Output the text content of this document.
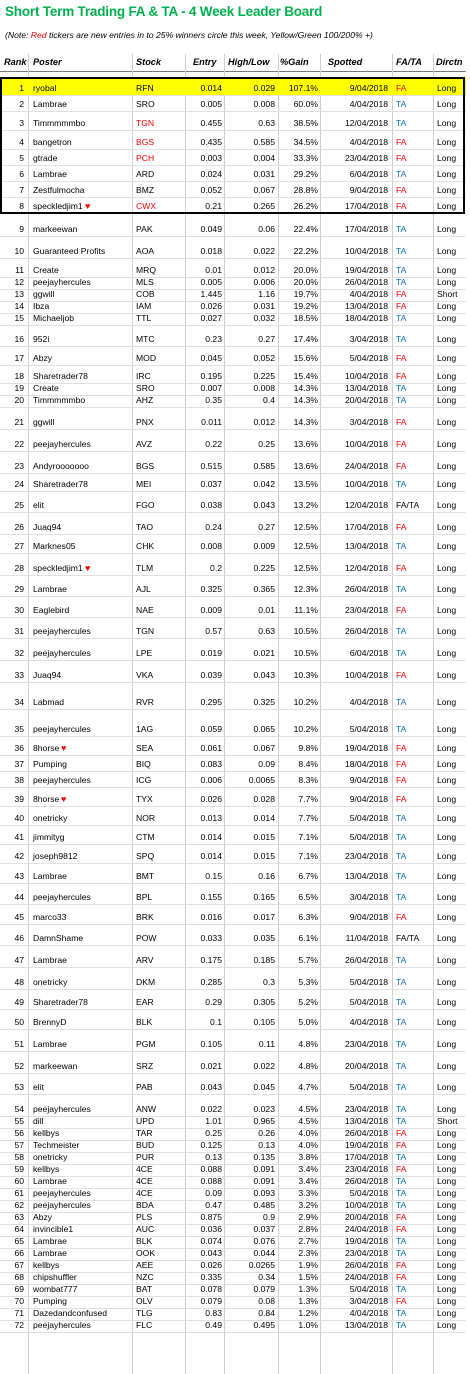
Short Term Trading FA & TA - 4 Week Leader Board
(Note: Red tickers are new entries in to 25% winners circle this week, Yellow/Green 100/200% +)
Rank Poster	Stock	Entry High/Low %Gain Spotted	FA/TA Dirctn
1 ryobal	RFN	0.014	0.029	107.1%	9/04/2018 FA	Long
2 Lambrae	SRO	0.005	0.008	60.0%	4/04/2018 TA	Long
3 Timmmmmbo	TGN	0.455	0.63	38.5%	12/04/2018 TA	Long
4 bangetron	BGS	0.435	0.585	34.5%	4/04/2018 FA	Long
5 gtrade	PCH	0.003	0.004	33.3%	23/04/2018 FA	Long
6 Lambrae	ARD	0.024	0.031	29.2%	6/04/2018 TA	Long
7 Zestfulmocha	BMZ	0.052	0.067	28.8%	9/04/2018 FA	Long
8 speckledjim1 ♥	CWX	0.21	0.265	26.2%	17/04/2018 FA	Long
9 markeewan	PAK	0.049	0.06	22.4%	17/04/2018 TA	Long
10 Guaranteed Profits	AOA	0.018	0.022	22.2%	10/04/2018 TA	Long
11 Create	MRQ	0.01	0.012	20.0%	19/04/2018 TA	Long
12 peejayhercules	MLS	0.005	0.006	20.0%	26/04/2018 TA	Long
13 ggwill	COB	1.445	1.16	19.7%	4/04/2018 FA	Short
14 Ibza	IAM	0.026	0.031	19.2%	13/04/2018 FA	Long
15 Michaeljob	TTL	0.027	0.032	18.5%	18/04/2018 TA	Long
16 952i	MTC	0.23	0.27	17.4%	3/04/2018 TA	Long
17 Abzy	MOD	0.045	0.052	15.6%	5/04/2018 FA	Long
18 Sharetrader78	IRC	0.195	0.225	15.4%	10/04/2018 FA	Long
19 Create	SRO	0.007	0.008	14.3%	13/04/2018 TA	Long
20 Timmmmmbo	AHZ	0.35	0.4	14.3%	20/04/2018 TA	Long
21 ggwill	PNX	0.011	0.012	14.3%	3/04/2018 FA	Long
22 peejayhercules	AVZ	0.22	0.25	13.6%	10/04/2018 FA	Long
23 Andyrooooooo	BGS	0.515	0.585	13.6%	24/04/2018 FA	Long
24 Sharetrader78	MEI	0.037	0.042	13.5%	10/04/2018 TA	Long
25 elit	FGO	0.038	0.043	13.2%	12/04/2018 FA/TA Long
26 Juaq94	TAO	0.24	0.27	12.5%	17/04/2018 FA	Long
27 Marknes05	CHK	0.008	0.009	12.5%	13/04/2018 TA	Long
28 speckledjim1 ♥	TLM	0.2	0.225	12.5%	12/04/2018 FA	Long
29 Lambrae	AJL	0.325	0.365	12.3%	26/04/2018 TA	Long
30 Eaglebird	NAE	0.009	0.01	11.1%	23/04/2018 FA	Long
31 peejayhercules	TGN	0.57	0.63	10.5%	26/04/2018 TA	Long
32 peejayhercules	LPE	0.019	0.021	10.5%	6/04/2018 TA	Long
33 Juaq94	VKA	0.039	0.043	10.3%	10/04/2018 FA	Long
34 Labmad	RVR	0.295	0.325	10.2%	4/04/2018 TA	Long
35 peejayhercules	1AG	0.059	0.065	10.2%	5/04/2018 TA	Long
36 8horse ♥	SEA	0.061	0.067	9.8%	19/04/2018 FA	Long
37 Pumping	BIQ	0.083	0.09	8.4%	18/04/2018 FA	Long
38 peejayhercules	ICG	0.006	0.0065	8.3%	9/04/2018 FA	Long
39 8horse ♥	TYX	0.026	0.028	7.7%	9/04/2018 FA	Long
40 onetricky	NOR	0.013	0.014	7.7%	5/04/2018 TA	Long
41 jimmityg	CTM	0.014	0.015	7.1%	5/04/2018 TA	Long
42 joseph9812	SPQ	0.014	0.015	7.1%	23/04/2018 TA	Long
43 Lambrae	BMT	0.15	0.16	6.7%	13/04/2018 TA	Long
44 peejayhercules	BPL	0.155	0.165	6.5%	3/04/2018 TA	Long
45 marco33	BRK	0.016	0.017	6.3%	9/04/2018 FA	Long
46 DamnShame	POW	0.033	0.035	6.1%	11/04/2018 FA/TA Long
47 Lambrae	ARV	0.175	0.185	5.7%	26/04/2018 TA	Long
48 onetricky	DKM	0.285	0.3	5.3%	5/04/2018 TA	Long
49 Sharetrader78	EAR	0.29	0.305	5.2%	5/04/2018 TA	Long
50 BrennyD	BLK	0.1	0.105	5.0%	4/04/2018 TA	Long
51 Lambrae	PGM	0.105	0.11	4.8%	23/04/2018 TA	Long
52 markeewan	SRZ	0.021	0.022	4.8%	20/04/2018 TA	Long
53 elit	PAB	0.043	0.045	4.7%	5/04/2018 TA	Long
54 peejayhercules	ANW	0.022	0.023	4.5%	23/04/2018 TA	Long
55 dill	UPD	1.01	0.965	4.5%	13/04/2018 TA	Short
56 kellbys	TAR	0.25	0.26	4.0%	26/04/2018 FA	Long
57 Techmeister	BUD	0.125	0.13	4.0%	19/04/2018 FA	Long
58 onetricky	PUR	0.13	0.135	3.8%	17/04/2018 TA	Long
59 kellbys	4CE	0.088	0.091	3.4%	23/04/2018 FA	Long
60 Lambrae	4CE	0.088	0.091	3.4%	26/04/2018 TA	Long
61 peejayhercules	4CE	0.09	0.093	3.3%	5/04/2018 TA	Long
62 peejayhercules	BDA	0.47	0.485	3.2%	10/04/2018 TA	Long
63 Abzy	PLS	0.875	0.9	2.9%	20/04/2018 FA	Long
64 invincible1	AUC	0.036	0.037	2.8%	24/04/2018 FA	Long
65 Lambrae	BLK	0.074	0.076	2.7%	19/04/2018 TA	Long
66 Lambrae	OOK	0.043	0.044	2.3%	23/04/2018 TA	Long
67 kellbys	AEE	0.026	0.0265	1.9%	26/04/2018 FA	Long
68 chipshuffler	NZC	0.335	0.34	1.5%	24/04/2018 FA	Long
69 wombat777	BAT	0.078	0.079	1.3%	5/04/2018 TA	Long
70 Pumping	OLV	0.079	0.08	1.3%	3/04/2018 FA	Long
71 Dazedandconfused	TLG	0.83	0.84	1.2%	4/04/2018 TA	Long
72 peejayhercules	FLC	0.49	0.495	1.0%	13/04/2018 TA	Long
